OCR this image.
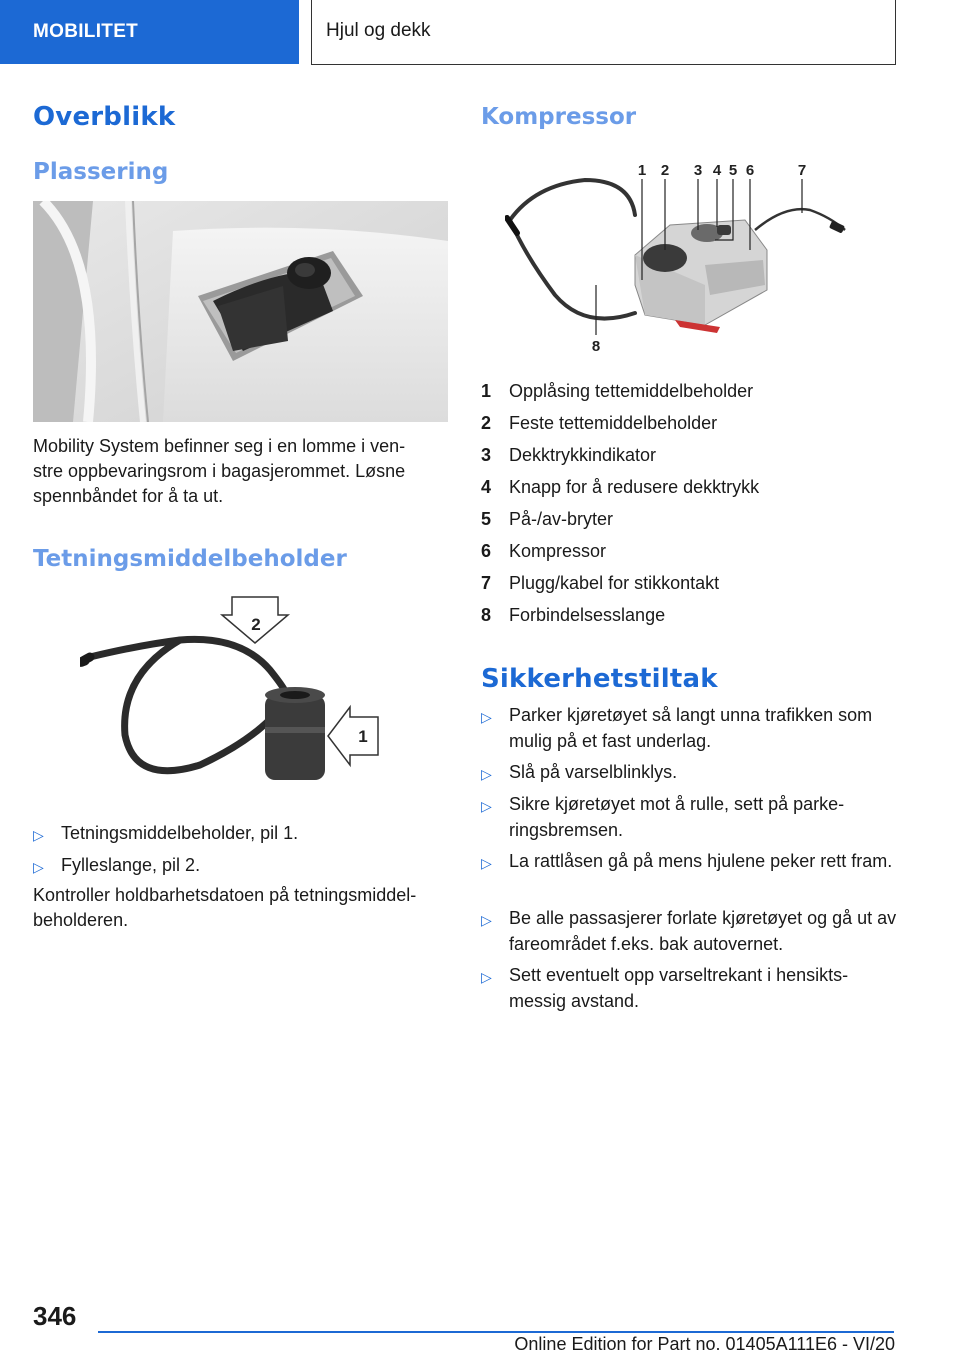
MOBILITET	Hjul og dekk
Overblikk
Plassering
Mobility System befinner seg i en lomme i ven-
stre oppbevaringsrom i bagasjerommet. Løsne spennbåndet for å ta ut.
Tetningsmiddelbeholder
2
1
▷ Tetningsmiddelbeholder, pil 1.
▷ Fylleslange, pil 2.
Kontroller holdbarhetsdatoen på tetningsmiddel-beholderen.
Kompressor
1 2 3 4 5 6	7
8
1 Opplåsing tettemiddelbeholder
2 Feste tettemiddelbeholder
3 Dekktrykkindikator
4 Knapp for å redusere dekktrykk
5 På-/av-bryter
6 Kompressor
7 Plugg/kabel for stikkontakt
8 Forbindelsesslange
Sikkerhetstiltak
▷ Parker kjøretøyet så langt unna trafikken som mulig på et fast underlag.
▷ Slå på varselblinklys.
▷ Sikre kjøretøyet mot å rulle, sett på parke-ringsbremsen.
▷ La rattlåsen gå på mens hjulene peker rett fram.
▷ Be alle passasjerer forlate kjøretøyet og gå ut av fareområdet f.eks. bak autovernet.
▷ Sett eventuelt opp varseltrekant i hensikts-messig avstand.
346
Online Edition for Part no. 01405A111E6 - VI/20
